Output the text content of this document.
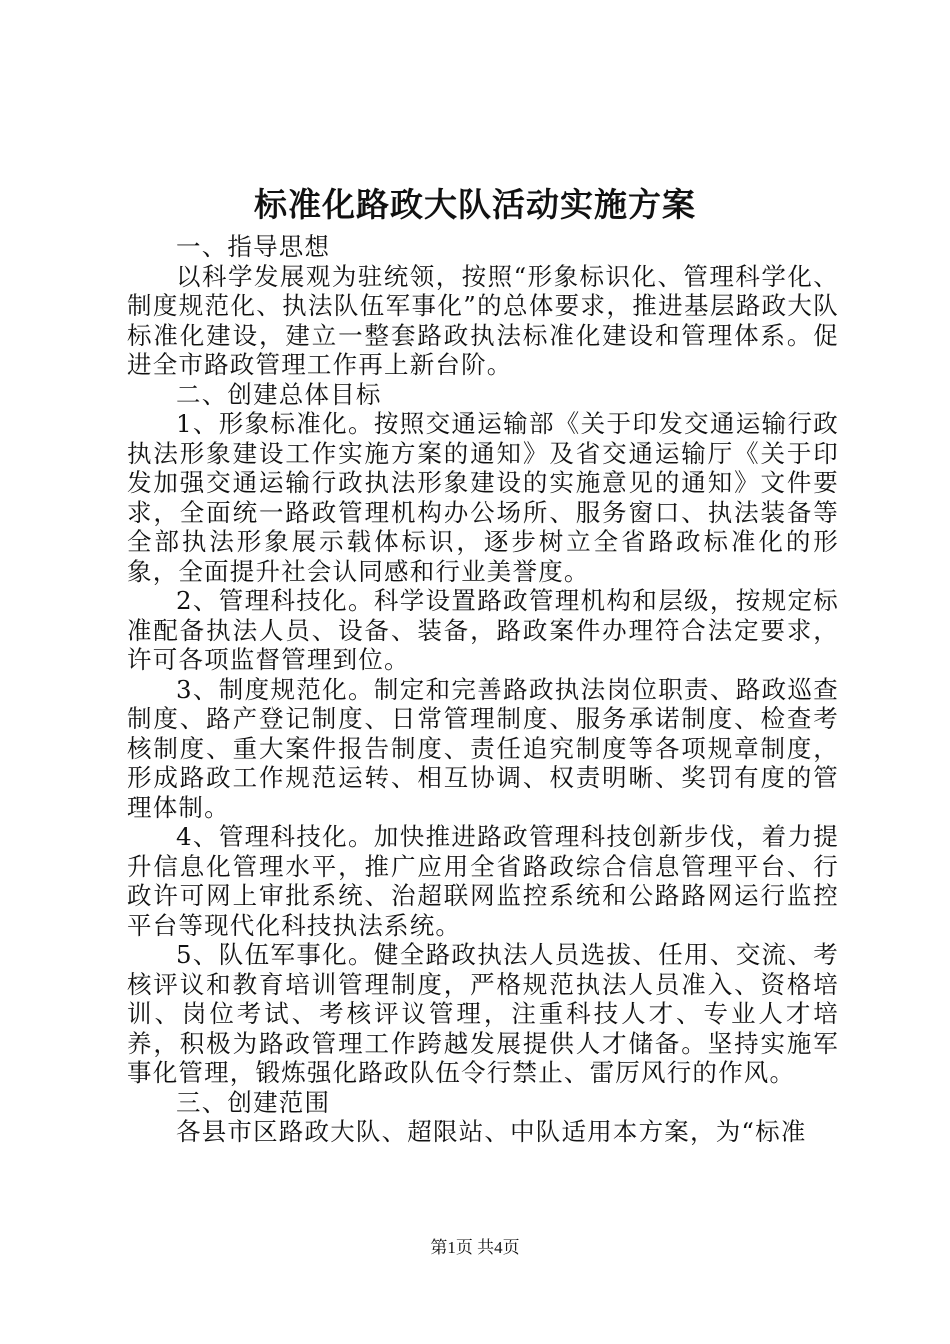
标准化路政大队活动实施方案

一、指导思想

以科学发展观为驻统领，按照“形象标识化、管理科学化、制度规范化、执法队伍军事化”的总体要求，推进基层路政大队标准化建设，建立一整套路政执法标准化建设和管理体系。促进全市路政管理工作再上新台阶。

二、创建总体目标

1、形象标准化。按照交通运输部《关于印发交通运输行政执法形象建设工作实施方案的通知》及省交通运输厅《关于印发加强交通运输行政执法形象建设的实施意见的通知》文件要求，全面统一路政管理机构办公场所、服务窗口、执法装备等全部执法形象展示载体标识，逐步树立全省路政标准化的形象，全面提升社会认同感和行业美誉度。

2、管理科技化。科学设置路政管理机构和层级，按规定标准配备执法人员、设备、装备，路政案件办理符合法定要求，许可各项监督管理到位。

3、制度规范化。制定和完善路政执法岗位职责、路政巡查制度、路产登记制度、日常管理制度、服务承诺制度、检查考核制度、重大案件报告制度、责任追究制度等各项规章制度，形成路政工作规范运转、相互协调、权责明晰、奖罚有度的管理体制。

4、管理科技化。加快推进路政管理科技创新步伐，着力提升信息化管理水平，推广应用全省路政综合信息管理平台、行政许可网上审批系统、治超联网监控系统和公路路网运行监控平台等现代化科技执法系统。

5、队伍军事化。健全路政执法人员选拔、任用、交流、考核评议和教育培训管理制度，严格规范执法人员准入、资格培训、岗位考试、考核评议管理，注重科技人才、专业人才培养，积极为路政管理工作跨越发展提供人才储备。坚持实施军事化管理，锻炼强化路政队伍令行禁止、雷厉风行的作风。

三、创建范围

各县市区路政大队、超限站、中队适用本方案，为“标准

第1页 共4页
